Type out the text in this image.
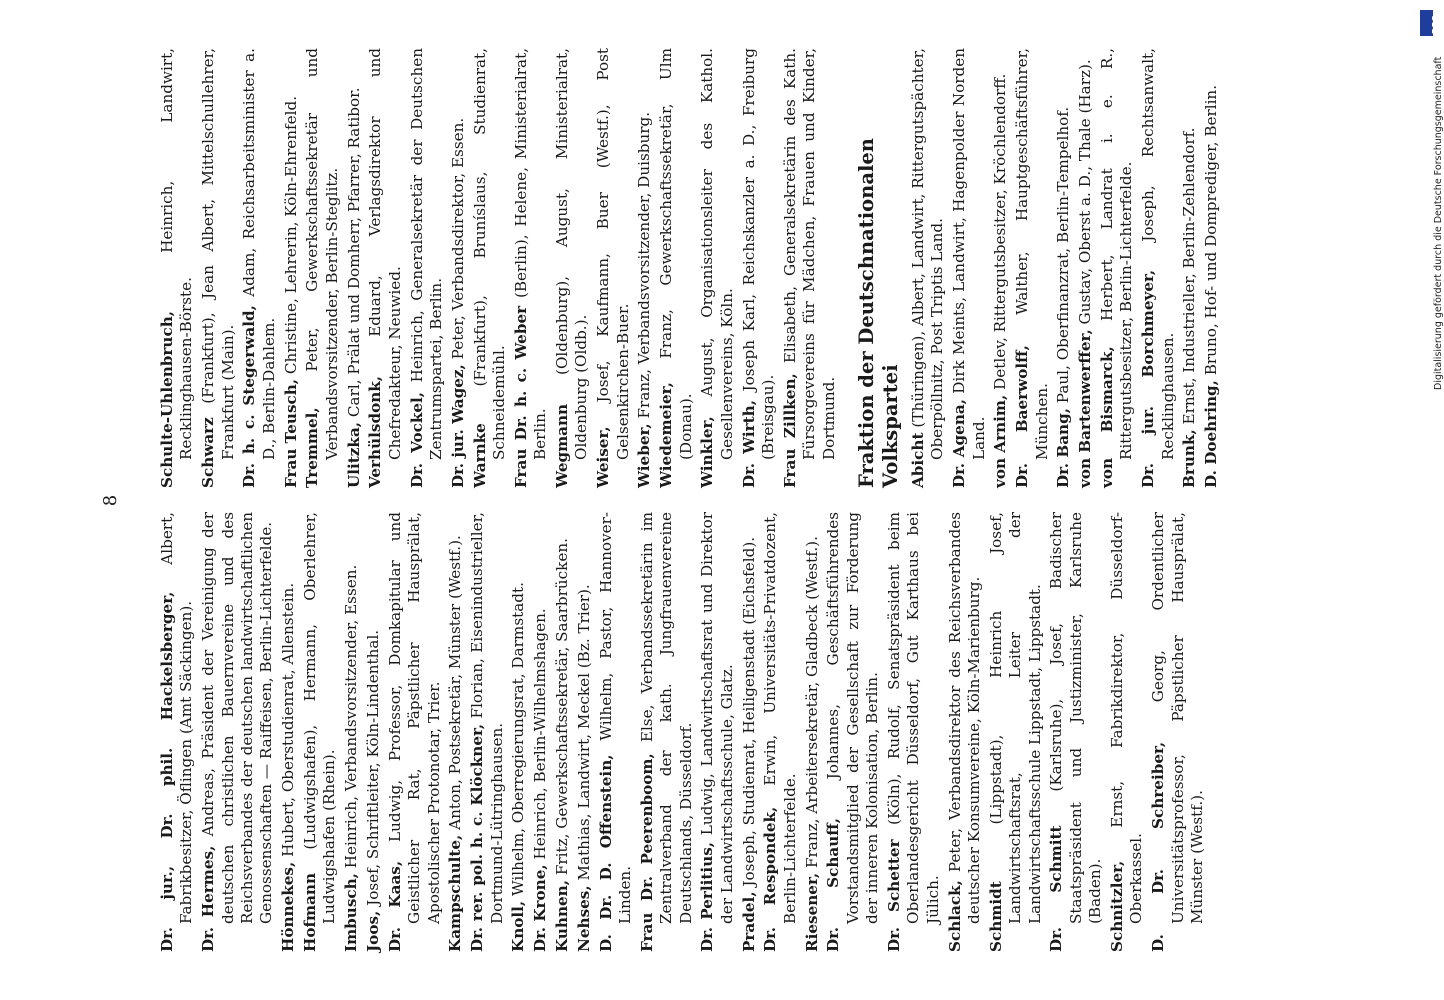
8
Dr. jur., Dr. phil. Hackelsberger, Albert, Fabrikbesitzer, Öflingen (Amt Säckingen). Dr. Hermes, Andreas, Präsident der Vereinigung der deutschen christlichen Bauernvereine und des Reichsverbandes der deutschen landwirtschaftlichen Genossenschaften — Raiffeisen, Berlin-Lichterfelde. Hönnekes, Hubert, Oberstudienrat, Allenstein.
Hofmann (Ludwigshafen), Hermann, Oberlehrer, Ludwigshafen (Rhein). Imbusch, Heinrich, Verbandsvorsitzender, Essen.
Joos, Josef, Schriftleiter, Köln-Lindenthal. Dr. Kaas, Ludwig, Professor, Domkapitular und Geistlicher Rat, Päpstlicher Hausprälat, Apostolischer Protonotar, Trier. Kampschulte, Anton, Postsekretär, Münster (Westf.).
Dr. rer. pol. h. c. Klöckner, Florian, Eisenindustrieller, Dortmund-Lütringhausen.
Knoll, Wilhelm, Oberregierungsrat, Darmstadt.
Dr. Krone, Heinrich, Berlin-Wilhelmshagen.
Kuhnen, Fritz, Gewerkschaftssekretär, Saarbrücken.
Nehses, Mathias, Landwirt, Meckel (Bz. Trier). D. Dr. D. Offenstein, Wilhelm, Pastor, Hannover-Linden. Frau Dr. Peerenboom, Else, Verbandssekretärin im Zentralverband der kath. Jungfrauenvereine Deutschlands, Düsseldorf. Dr. Perlitius, Ludwig, Landwirtschaftsrat und Direktor der Landwirtschaftsschule, Glatz. Pradel, Joseph, Studienrat, Heiligenstadt (Eichsfeld). Dr. Respondek, Erwin, Universitäts-Privatdozent, Berlin-Lichterfelde. Riesener, Franz, Arbeitersekretär, Gladbeck (Westf.).
Dr. Schauff, Johannes, Geschäftsführendes Vorstandsmitglied der Gesellschaft zur Förderung der inneren Kolonisation, Berlin. Dr. Schetter (Köln), Rudolf, Senatspräsident beim Oberlandesgericht Düsseldorf, Gut Karthaus bei Jülich. Schlack, Peter, Verbandsdirektor des Reichsverbandes deutscher Konsumvereine, Köln-Marienburg. Schmidt (Lippstadt), Heinrich Josef, Landwirtschaftsrat, Leiter der Landwirtschaftsschule Lippstadt, Lippstadt. Dr. Schmitt (Karlsruhe), Josef, Badischer Staatspräsident und Justizminister, Karlsruhe (Baden). Schnitzler, Ernst, Fabrikdirektor, Düsseldorf-Oberkassel. D. Dr. Schreiber, Georg, Ordentlicher Universitätsprofessor, Päpstlicher Hausprälat, Münster (Westf.).
Schulte-Uhlenbruch, Heinrich, Landwirt, Recklinghausen-Börste. Schwarz (Frankfurt), Jean Albert, Mittelschullehrer, Frankfurt (Main). Dr. h. c. Stegerwald, Adam, Reichsarbeitsminister a. D., Berlin-Dahlem. Frau Teusch, Christine, Lehrerin, Köln-Ehrenfeld.
Tremmel, Peter, Gewerkschaftssekretär und Verbandsvorsitzender, Berlin-Steglitz. Ulitzka, Carl, Prälat und Domherr, Pfarrer, Ratibor.
Verhülsdonk, Eduard, Verlagsdirektor und Chefredakteur, Neuwied. Dr. Vockel, Heinrich, Generalsekretär der Deutschen Zentrumspartei, Berlin. Dr. jur. Wagez, Peter, Verbandsdirektor, Essen.
Warnke (Frankfurt), Bruníslaus, Studienrat, Schneidemühl. Frau Dr. h. c. Weber (Berlin), Helene, Ministerialrat, Berlin. Wegmann (Oldenburg), August, Ministerialrat, Oldenburg (Oldb.). Weiser, Josef, Kaufmann, Buer (Westf.), Post Gelsenkirchen-Buer. Wieber, Franz, Verbandsvorsitzender, Duisburg.
Wiedemeier, Franz, Gewerkschaftssekretär, Ulm (Donau). Winkler, August, Organisationsleiter des Kathol. Gesellenvereins, Köln. Dr. Wirth, Joseph Karl, Reichskanzler a. D., Freiburg (Breisgau). Frau Zillken, Elisabeth, Generalsekretärin des Kath. Fürsorgevereins für Mädchen, Frauen und Kinder, Dortmund. Fraktion der Deutschnationalen Volkspartei Abicht (Thüringen), Albert, Landwirt, Rittergutspächter, Oberpöllnitz, Post Triptis Land. Dr. Agena, Dirk Meints, Landwirt, Hagenpolder Norden Land. von Arnim, Detlev, Rittergutsbesitzer, Kröchlendorff.
Dr. Baerwolff, Walther, Hauptgeschäftsführer, München. Dr. Bang, Paul, Oberfinanzrat, Berlin-Tempelhof.
von Bartenwerffer, Gustav, Oberst a. D., Thale (Harz).
von Bismarck, Herbert, Landrat i. e. R., Rittergutsbesitzer, Berlin-Lichterfelde. Dr. jur. Borchmeyer, Joseph, Rechtsanwalt, Recklinghausen. Brunk, Ernst, Industrieller, Berlin-Zehlendorf.
D. Doehring, Bruno, Hof- und Domprediger, Berlin.	Digitalisierung gefördert durch die Deutsche Forschungsgemeinschaft
DFG
